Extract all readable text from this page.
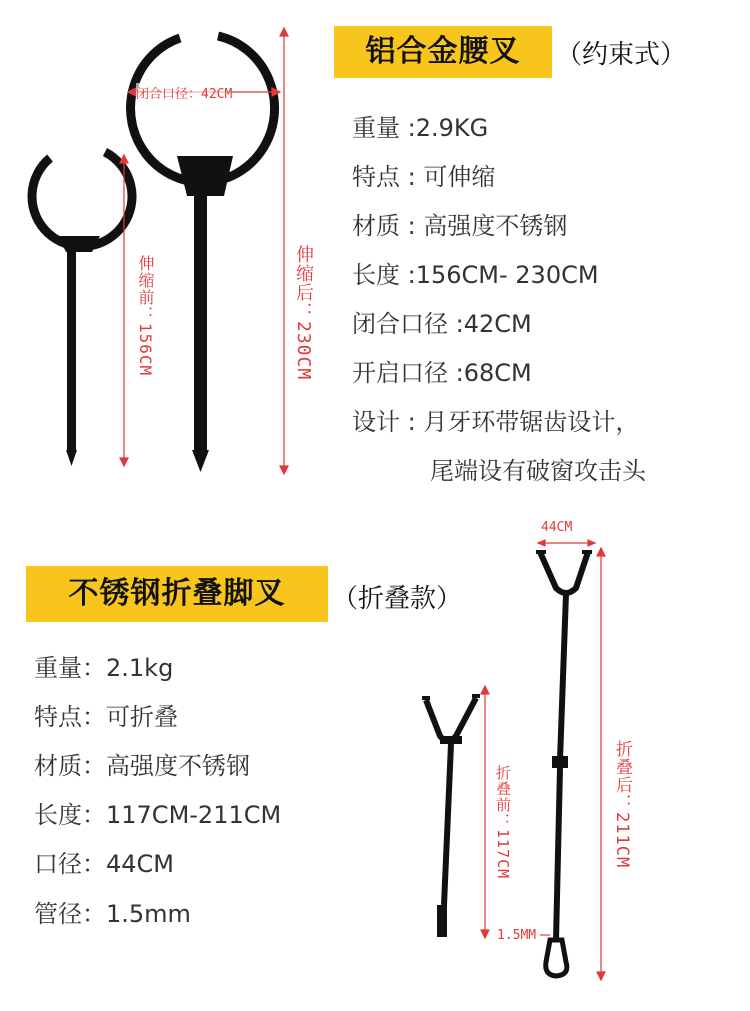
铝合金腰叉	（约束式）
重量 :2.9KG
特点 : 可伸缩
材质 : 高强度不锈钢
长度 :156CM- 230CM
闭合口径 :42CM
开启口径 :68CM
设计 : 月牙环带锯齿设计，
尾端设有破窗攻击头
闭合口径：42CM
伸缩前：156CM	伸缩后：230CM
不锈钢折叠脚叉	（折叠款）
重量：2.1kg
特点：可折叠
材质：高强度不锈钢
长度：117CM-211CM
口径：44CM
管径：1.5mm
44CM
折叠前：117CM	折叠后：211CM
1.5MM
